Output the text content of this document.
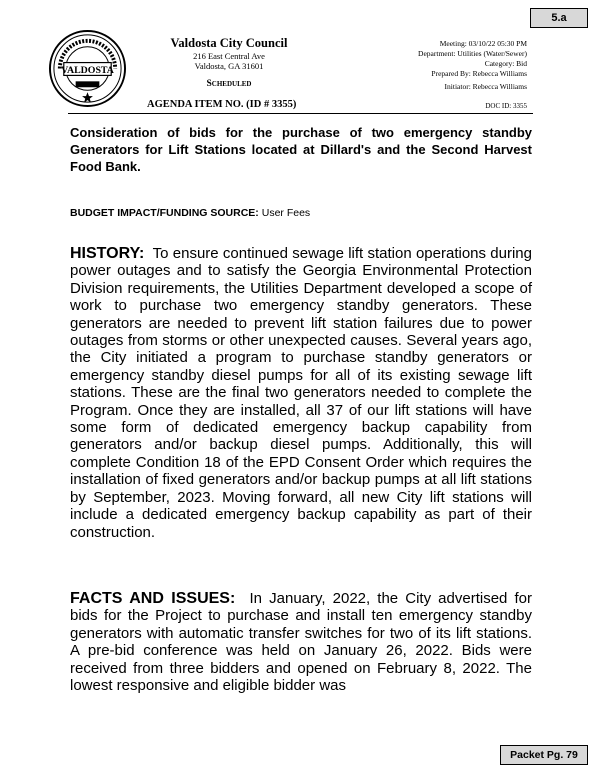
5.a
VALDOSTA
Valdosta City Council
216 East Central Ave
Valdosta, GA 31601
Scheduled
Meeting: 03/10/22 05:30 PM
Department: Utilities (Water/Sewer)
Category: Bid
Prepared By: Rebecca Williams
Initiator: Rebecca Williams
AGENDA ITEM NO. (ID # 3355)	DOC ID: 3355
Consideration of bids for the purchase of two emergency standby Generators for Lift Stations located at Dillard's and the Second Harvest Food Bank.
BUDGET IMPACT/FUNDING SOURCE: User Fees
HISTORY: To ensure continued sewage lift station operations during power outages and to satisfy the Georgia Environmental Protection Division requirements, the Utilities Department developed a scope of work to purchase two emergency standby generators. These generators are needed to prevent lift station failures due to power outages from storms or other unexpected causes. Several years ago, the City initiated a program to purchase standby generators or emergency standby diesel pumps for all of its existing sewage lift stations. These are the final two generators needed to complete the Program. Once they are installed, all 37 of our lift stations will have some form of dedicated emergency backup capability from generators and/or backup diesel pumps. Additionally, this will complete Condition 18 of the EPD Consent Order which requires the installation of fixed generators and/or backup pumps at all lift stations by September, 2023. Moving forward, all new City lift stations will include a dedicated emergency backup capability as part of their construction.
FACTS AND ISSUES: In January, 2022, the City advertised for bids for the Project to purchase and install ten emergency standby generators with automatic transfer switches for two of its lift stations. A pre-bid conference was held on January 26, 2022. Bids were received from three bidders and opened on February 8, 2022. The lowest responsive and eligible bidder was
Packet Pg. 79
